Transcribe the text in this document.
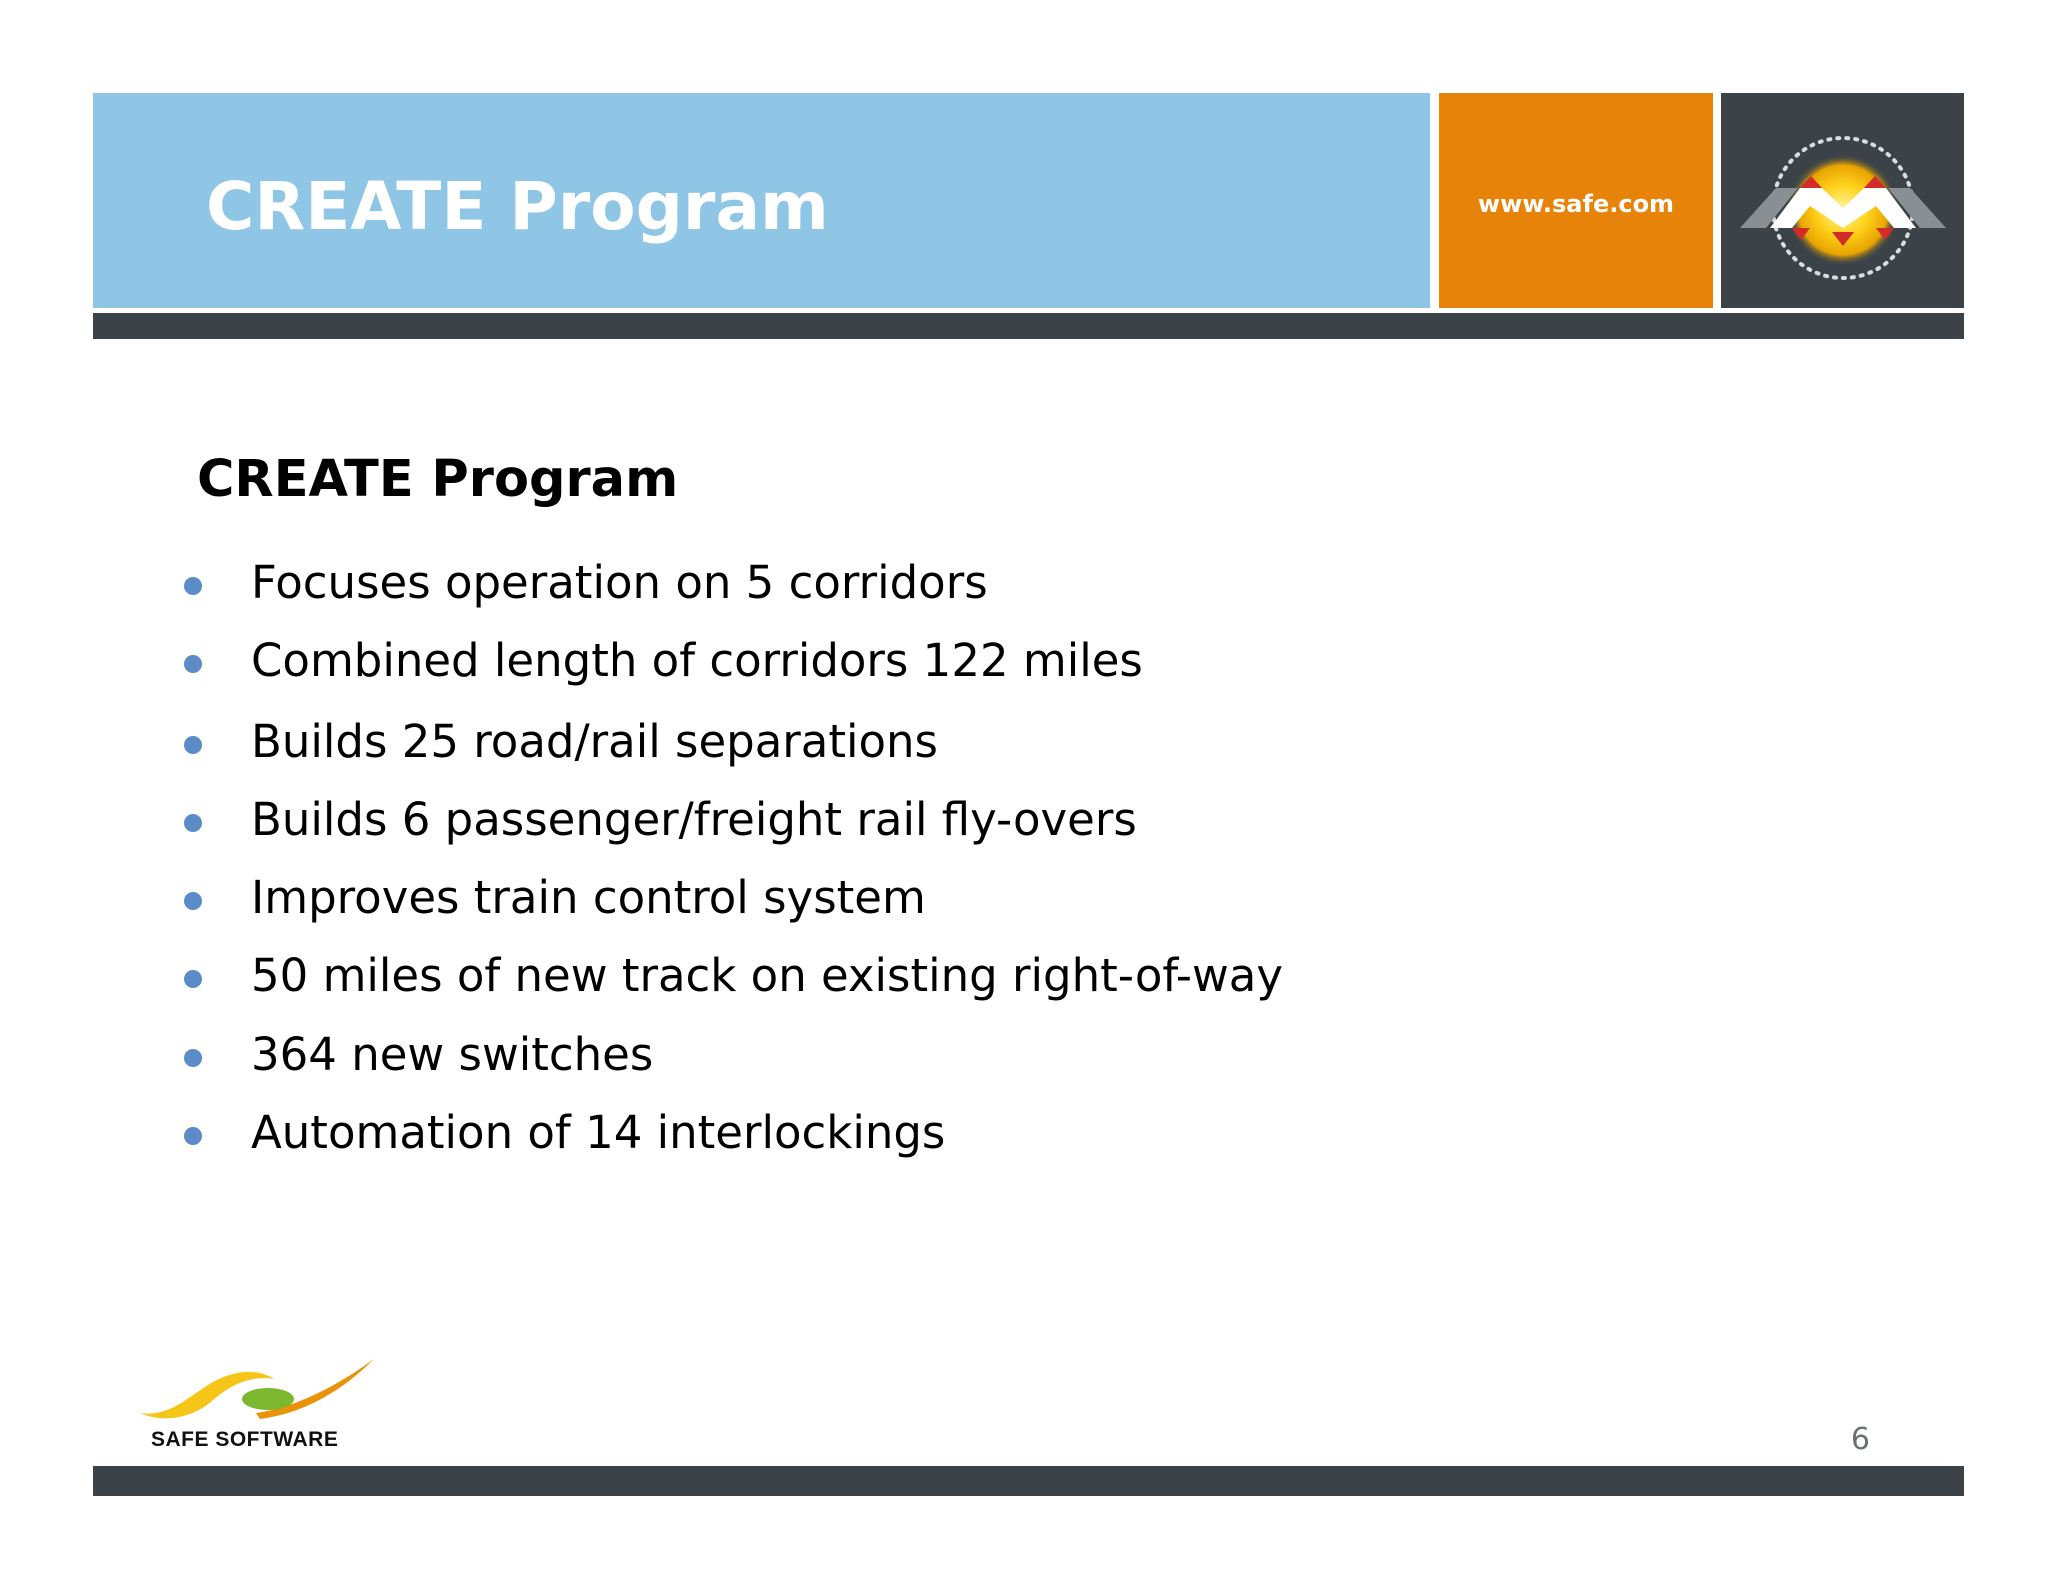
CREATE Program	www.safe.com
CREATE Program
Focuses operation on 5 corridors
Combined length of corridors 122 miles
Builds 25 road/rail separations
Builds 6 passenger/freight rail fly-overs
Improves train control system
50 miles of new track on existing right-of-way
364 new switches
Automation of 14 interlockings
SAFE SOFTWARE	6
